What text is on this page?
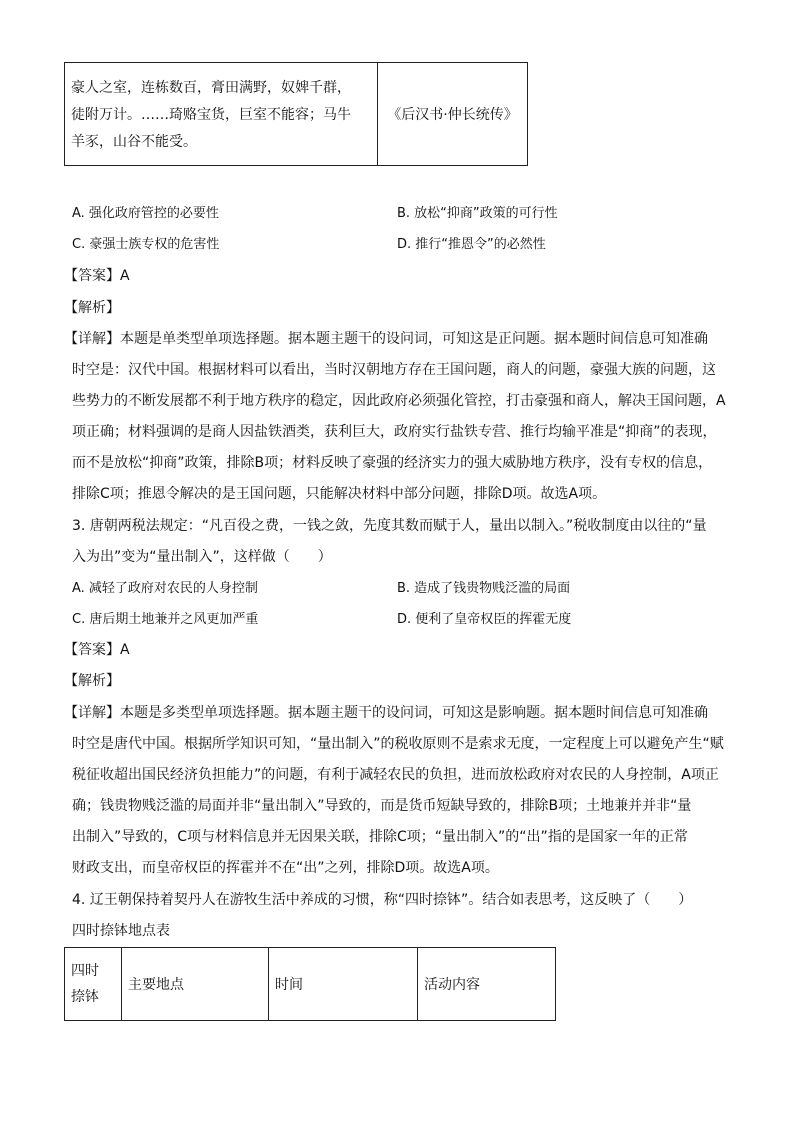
豪人之室，连栋数百，膏田满野，奴婢千群，
徒附万计。……琦赂宝货，巨室不能容；马牛
羊豕，山谷不能受。
	《后汉书·仲长统传》
A. 强化政府管控的必要性	B. 放松“抑商”政策的可行性
C. 豪强士族专权的危害性	D. 推行“推恩令”的必然性
【答案】A
【解析】
【详解】本题是单类型单项选择题。据本题主题干的设问词，可知这是正问题。据本题时间信息可知准确
时空是：汉代中国。根据材料可以看出，当时汉朝地方存在王国问题，商人的问题，豪强大族的问题，这
些势力的不断发展都不利于地方秩序的稳定，因此政府必须强化管控，打击豪强和商人，解决王国问题，A
项正确；材料强调的是商人因盐铁酒类，获利巨大，政府实行盐铁专营、推行均输平准是“抑商”的表现，
而不是放松“抑商”政策，排除B项；材料反映了豪强的经济实力的强大威胁地方秩序，没有专权的信息，
排除C项；推恩令解决的是王国问题，只能解决材料中部分问题，排除D项。故选A项。
3. 唐朝两税法规定：“凡百役之费，一钱之敛，先度其数而赋于人，量出以制入。”税收制度由以往的“量
入为出”变为“量出制入”，这样做（　　）
A. 减轻了政府对农民的人身控制	B. 造成了钱贵物贱泛滥的局面
C. 唐后期土地兼并之风更加严重	D. 便利了皇帝权臣的挥霍无度
【答案】A
【解析】
【详解】本题是多类型单项选择题。据本题主题干的设问词，可知这是影响题。据本题时间信息可知准确
时空是唐代中国。根据所学知识可知，“量出制入”的税收原则不是索求无度，一定程度上可以避免产生“赋
税征收超出国民经济负担能力”的问题，有利于减轻农民的负担，进而放松政府对农民的人身控制，A项正
确；钱贵物贱泛滥的局面并非“量出制入”导致的，而是货币短缺导致的，排除B项；土地兼并并非“量
出制入”导致的，C项与材料信息并无因果关联，排除C项；“量出制入”的“出”指的是国家一年的正常
财政支出，而皇帝权臣的挥霍并不在“出”之列，排除D项。故选A项。
4. 辽王朝保持着契丹人在游牧生活中养成的习惯，称“四时捺钵”。结合如表思考，这反映了（　　）
四时捺钵地点表
四时
捺钵
	主要地点	时间	活动内容
